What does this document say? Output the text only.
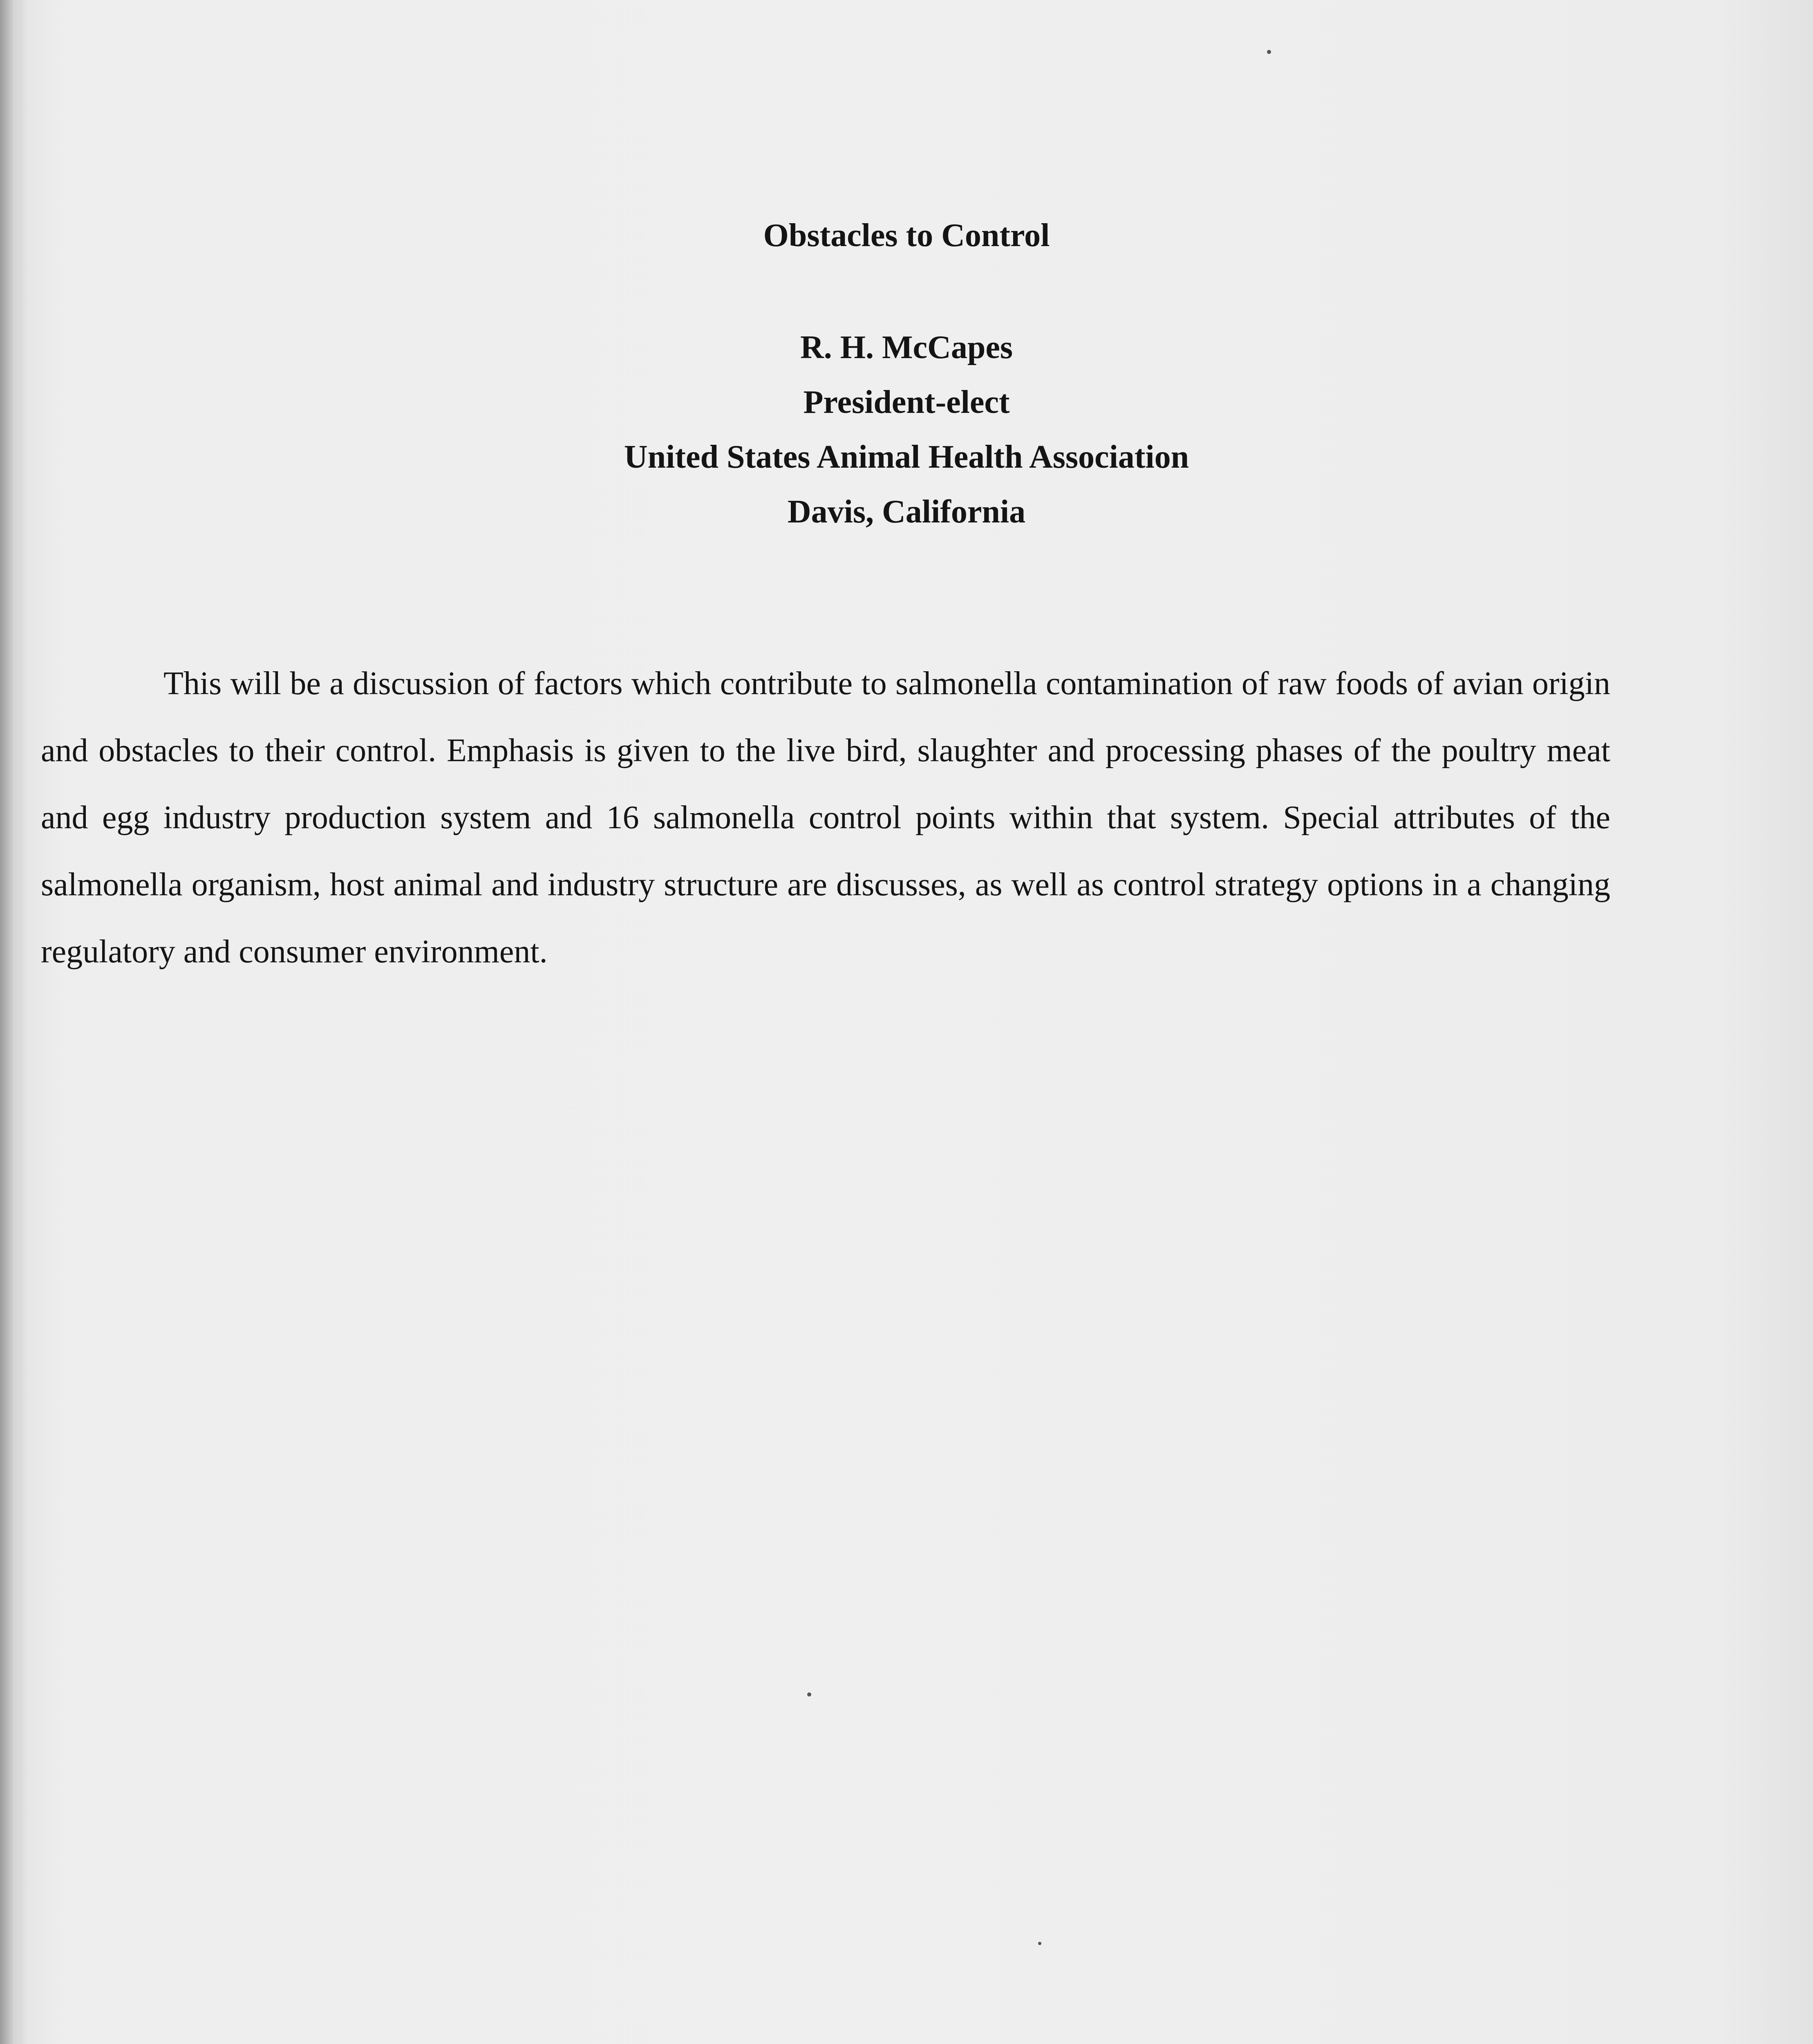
Obstacles to Control
R. H. McCapes
President-elect
United States Animal Health Association
Davis, California

This will be a discussion of factors which contribute to salmonella contamination of raw foods of avian origin and obstacles to their control. Emphasis is given to the live bird, slaughter and processing phases of the poultry meat and egg industry production system and 16 salmonella control points within that system. Special attributes of the salmonella organism, host animal and industry structure are discusses, as well as control strategy options in a changing regulatory and consumer environment.
